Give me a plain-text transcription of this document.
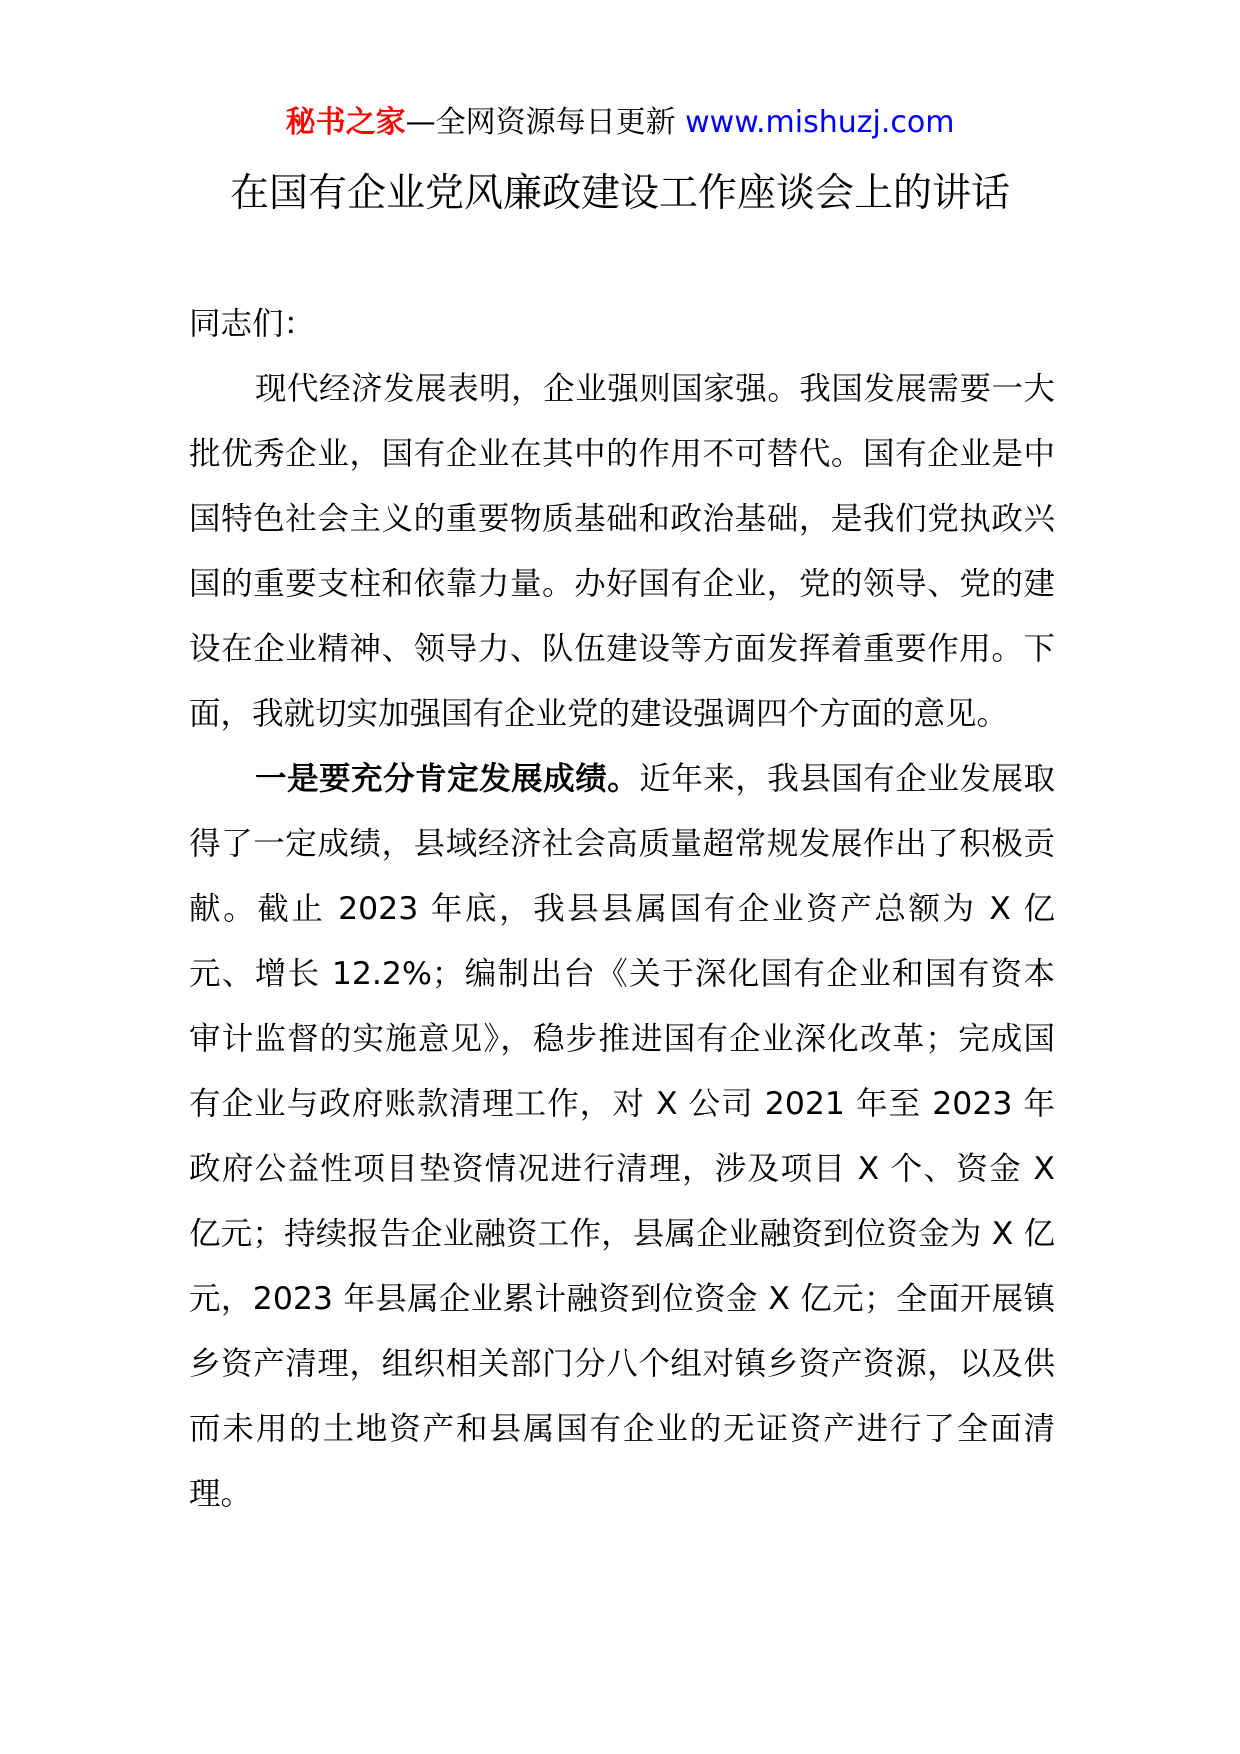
秘书之家—全网资源每日更新 www.mishuzj.com
在国有企业党风廉政建设工作座谈会上的讲话

同志们：

现代经济发展表明，企业强则国家强。我国发展需要一大批优秀企业，国有企业在其中的作用不可替代。国有企业是中国特色社会主义的重要物质基础和政治基础，是我们党执政兴国的重要支柱和依靠力量。办好国有企业，党的领导、党的建设在企业精神、领导力、队伍建设等方面发挥着重要作用。下面，我就切实加强国有企业党的建设强调四个方面的意见。

一是要充分肯定发展成绩。近年来，我县国有企业发展取得了一定成绩，县域经济社会高质量超常规发展作出了积极贡献。截止 2023 年底，我县县属国有企业资产总额为 X 亿元、增长 12.2%；编制出台《关于深化国有企业和国有资本审计监督的实施意见》，稳步推进国有企业深化改革；完成国有企业与政府账款清理工作，对 X 公司 2021 年至 2023 年政府公益性项目垫资情况进行清理，涉及项目 X 个、资金 X 亿元；持续报告企业融资工作，县属企业融资到位资金为 X 亿元，2023 年县属企业累计融资到位资金 X 亿元；全面开展镇乡资产清理，组织相关部门分八个组对镇乡资产资源，以及供而未用的土地资产和县属国有企业的无证资产进行了全面清理。
